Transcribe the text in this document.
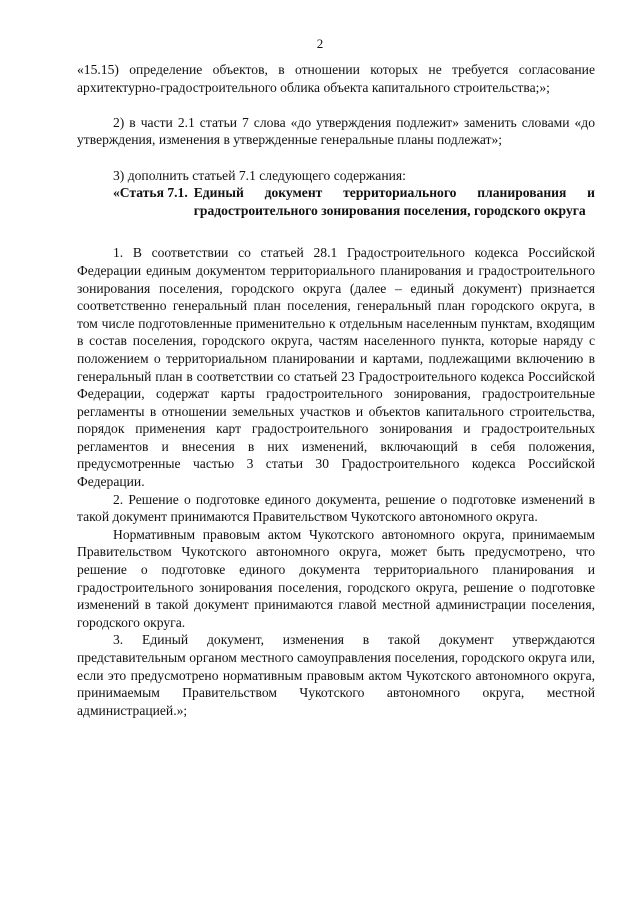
2

«15.15) определение объектов, в отношении которых не требуется согласование архитектурно-градостроительного облика объекта капитального строительства;»;

2) в части 2.1 статьи 7 слова «до утверждения подлежит» заменить словами «до утверждения, изменения в утвержденные генеральные планы подлежат»;

3) дополнить статьей 7.1 следующего содержания:

«Статья 7.1. Единый документ территориального планирования и градостроительного зонирования поселения, городского округа

1. В соответствии со статьей 28.1 Градостроительного кодекса Российской Федерации единым документом территориального планирования и градостроительного зонирования поселения, городского округа (далее – единый документ) признается соответственно генеральный план поселения, генеральный план городского округа, в том числе подготовленные применительно к отдельным населенным пунктам, входящим в состав поселения, городского округа, частям населенного пункта, которые наряду с положением о территориальном планировании и картами, подлежащими включению в генеральный план в соответствии со статьей 23 Градостроительного кодекса Российской Федерации, содержат карты градостроительного зонирования, градостроительные регламенты в отношении земельных участков и объектов капитального строительства, порядок применения карт градостроительного зонирования и градостроительных регламентов и внесения в них изменений, включающий в себя положения, предусмотренные частью 3 статьи 30 Градостроительного кодекса Российской Федерации.

2. Решение о подготовке единого документа, решение о подготовке изменений в такой документ принимаются Правительством Чукотского автономного округа.

Нормативным правовым актом Чукотского автономного округа, принимаемым Правительством Чукотского автономного округа, может быть предусмотрено, что решение о подготовке единого документа территориального планирования и градостроительного зонирования поселения, городского округа, решение о подготовке изменений в такой документ принимаются главой местной администрации поселения, городского округа.

3. Единый документ, изменения в такой документ утверждаются представительным органом местного самоуправления поселения, городского округа или, если это предусмотрено нормативным правовым актом Чукотского автономного округа, принимаемым Правительством Чукотского автономного округа, местной администрацией.»;
